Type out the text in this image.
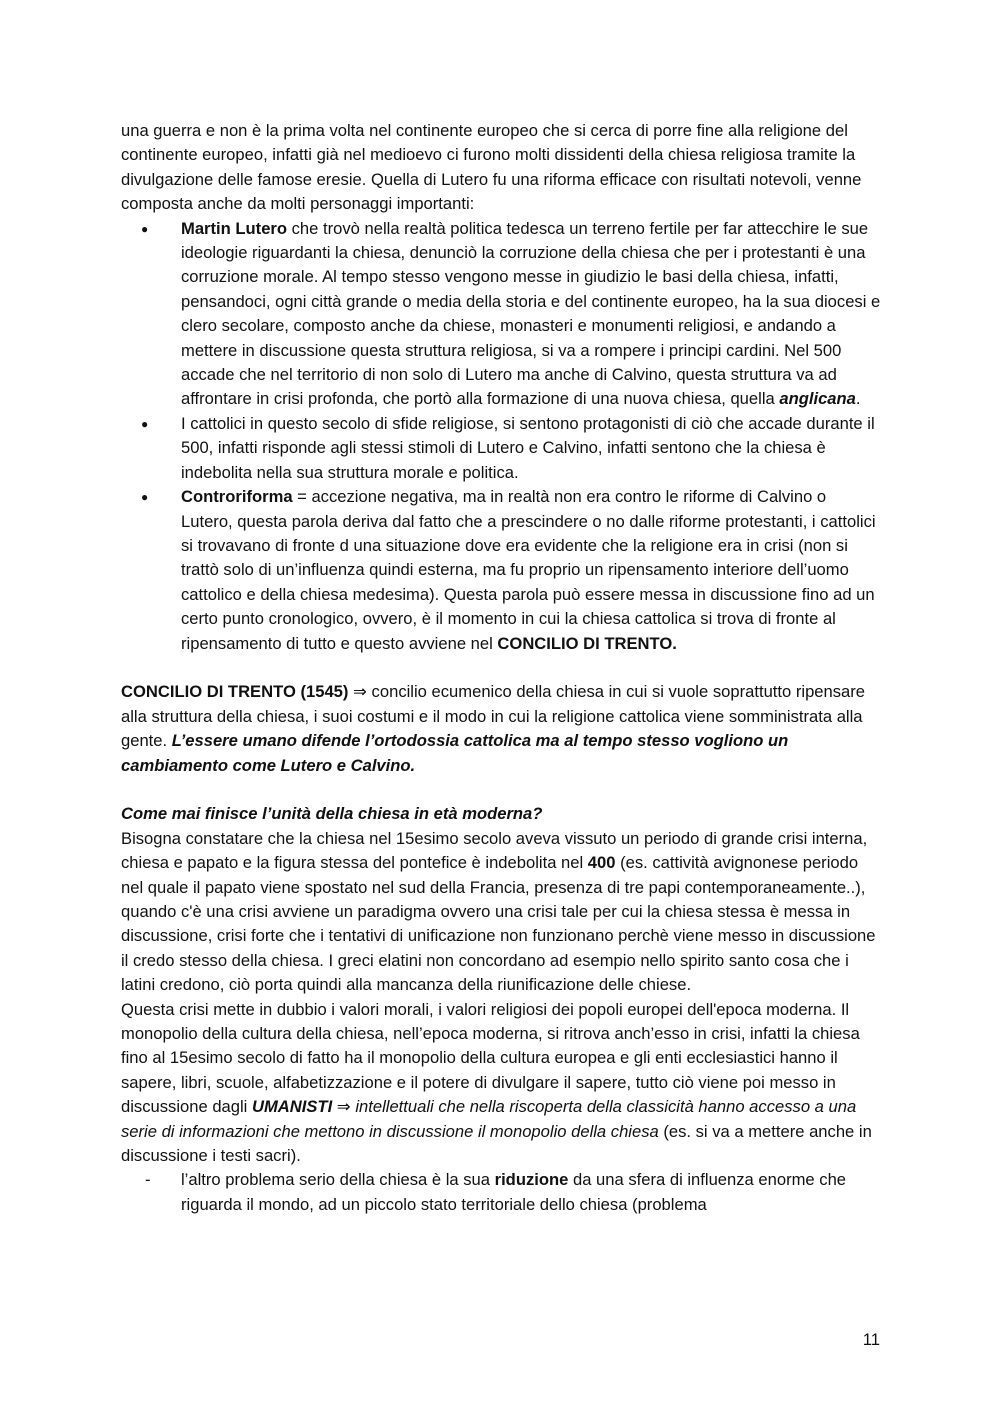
una guerra e non è la prima volta nel continente europeo che si cerca di porre fine alla religione del continente europeo, infatti già nel medioevo ci furono molti dissidenti della chiesa religiosa tramite la divulgazione delle famose eresie. Quella di Lutero fu una riforma efficace con risultati notevoli, venne composta anche da molti personaggi importanti:

● Martin Lutero che trovò nella realtà politica tedesca un terreno fertile per far attecchire le sue ideologie riguardanti la chiesa, denunciò la corruzione della chiesa che per i protestanti è una corruzione morale. Al tempo stesso vengono messe in giudizio le basi della chiesa, infatti, pensandoci, ogni città grande o media della storia e del continente europeo, ha la sua diocesi e clero secolare, composto anche da chiese, monasteri e monumenti religiosi, e andando a mettere in discussione questa struttura religiosa, si va a rompere i principi cardini. Nel 500 accade che nel territorio di non solo di Lutero ma anche di Calvino, questa struttura va ad affrontare in crisi profonda, che portò alla formazione di una nuova chiesa, quella anglicana.
● I cattolici in questo secolo di sfide religiose, si sentono protagonisti di ciò che accade durante il 500, infatti risponde agli stessi stimoli di Lutero e Calvino, infatti sentono che la chiesa è indebolita nella sua struttura morale e politica.
● Controriforma = accezione negativa, ma in realtà non era contro le riforme di Calvino o Lutero, questa parola deriva dal fatto che a prescindere o no dalle riforme protestanti, i cattolici si trovavano di fronte d una situazione dove era evidente che la religione era in crisi (non si trattò solo di un’influenza quindi esterna, ma fu proprio un ripensamento interiore dell’uomo cattolico e della chiesa medesima). Questa parola può essere messa in discussione fino ad un certo punto cronologico, ovvero, è il momento in cui la chiesa cattolica si trova di fronte al ripensamento di tutto e questo avviene nel CONCILIO DI TRENTO.

CONCILIO DI TRENTO (1545) ⇒ concilio ecumenico della chiesa in cui si vuole soprattutto ripensare alla struttura della chiesa, i suoi costumi e il modo in cui la religione cattolica viene somministrata alla gente. L’essere umano difende l’ortodossia cattolica ma al tempo stesso vogliono un cambiamento come Lutero e Calvino.

Come mai finisce l’unità della chiesa in età moderna?

Bisogna constatare che la chiesa nel 15esimo secolo aveva vissuto un periodo di grande crisi interna, chiesa e papato e la figura stessa del pontefice è indebolita nel 400 (es. cattività avignonese periodo nel quale il papato viene spostato nel sud della Francia, presenza di tre papi contemporaneamente..), quando c'è una crisi avviene un paradigma ovvero una crisi tale per cui la chiesa stessa è messa in discussione, crisi forte che i tentativi di unificazione non funzionano perchè viene messo in discussione il credo stesso della chiesa. I greci elatini non concordano ad esempio nello spirito santo cosa che i latini credono, ciò porta quindi alla mancanza della riunificazione delle chiese.

Questa crisi mette in dubbio i valori morali, i valori religiosi dei popoli europei dell'epoca moderna. Il monopolio della cultura della chiesa, nell’epoca moderna, si ritrova anch’esso in crisi, infatti la chiesa fino al 15esimo secolo di fatto ha il monopolio della cultura europea e gli enti ecclesiastici hanno il sapere, libri, scuole, alfabetizzazione e il potere di divulgare il sapere, tutto ciò viene poi messo in discussione dagli UMANISTI ⇒ intellettuali che nella riscoperta della classicità hanno accesso a una serie di informazioni che mettono in discussione il monopolio della chiesa (es. si va a mettere anche in discussione i testi sacri).

- l’altro problema serio della chiesa è la sua riduzione da una sfera di influenza enorme che riguarda il mondo, ad un piccolo stato territoriale dello chiesa (problema
11
